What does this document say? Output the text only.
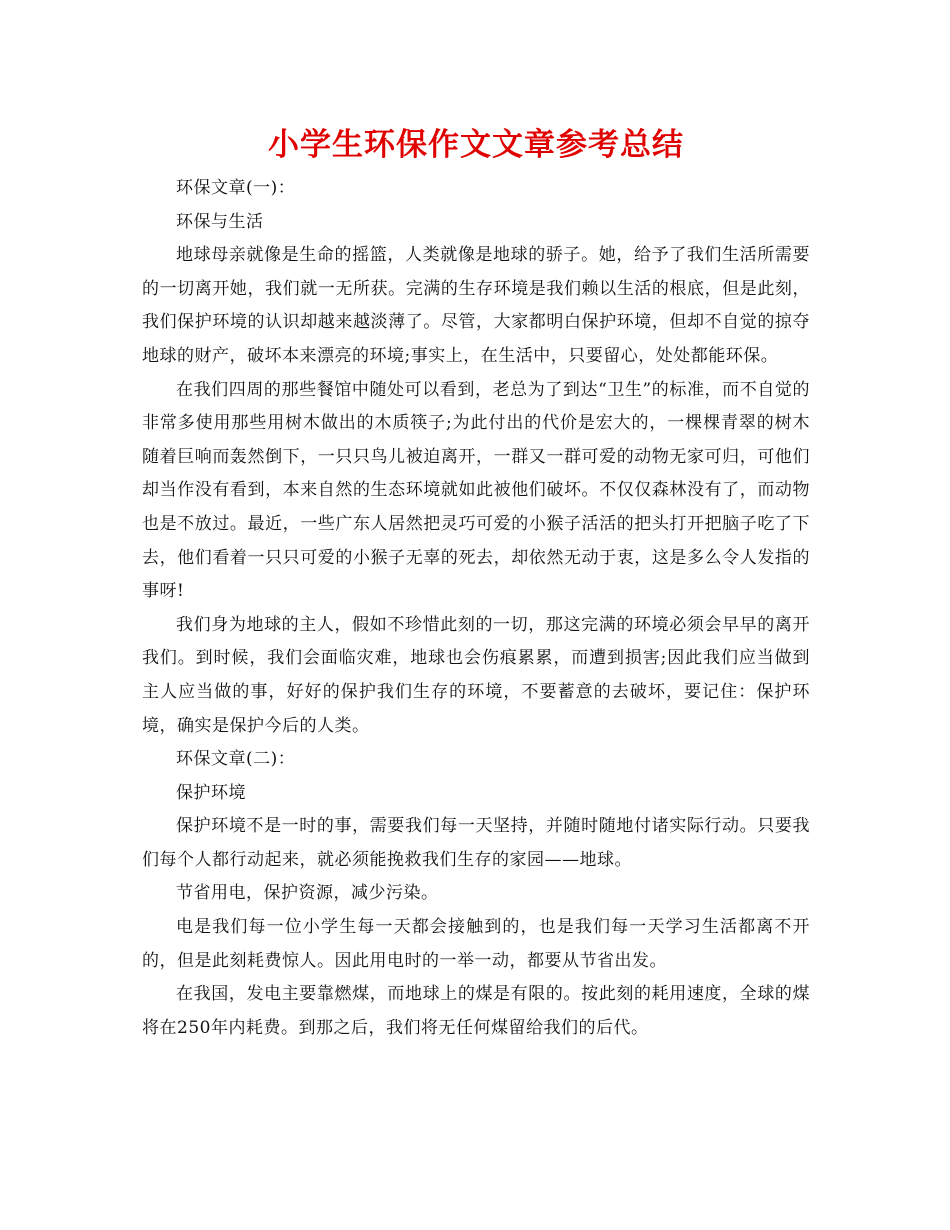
小学生环保作文文章参考总结

环保文章(一)：

环保与生活

地球母亲就像是生命的摇篮，人类就像是地球的骄子。她，给予了我们生活所需要的一切离开她，我们就一无所获。完满的生存环境是我们赖以生活的根底，但是此刻，我们保护环境的认识却越来越淡薄了。尽管，大家都明白保护环境，但却不自觉的掠夺地球的财产，破坏本来漂亮的环境;事实上，在生活中，只要留心，处处都能环保。

在我们四周的那些餐馆中随处可以看到，老总为了到达“卫生”的标准，而不自觉的非常多使用那些用树木做出的木质筷子;为此付出的代价是宏大的，一棵棵青翠的树木随着巨响而轰然倒下，一只只鸟儿被迫离开，一群又一群可爱的动物无家可归，可他们却当作没有看到，本来自然的生态环境就如此被他们破坏。不仅仅森林没有了，而动物也是不放过。最近，一些广东人居然把灵巧可爱的小猴子活活的把头打开把脑子吃了下去，他们看着一只只可爱的小猴子无辜的死去，却依然无动于衷，这是多么令人发指的事呀!

我们身为地球的主人，假如不珍惜此刻的一切，那这完满的环境必须会早早的离开我们。到时候，我们会面临灾难，地球也会伤痕累累，而遭到损害;因此我们应当做到主人应当做的事，好好的保护我们生存的环境，不要蓄意的去破坏，要记住：保护环境，确实是保护今后的人类。

环保文章(二)：

保护环境

保护环境不是一时的事，需要我们每一天坚持，并随时随地付诸实际行动。只要我们每个人都行动起来，就必须能挽救我们生存的家园——地球。

节省用电，保护资源，减少污染。

电是我们每一位小学生每一天都会接触到的，也是我们每一天学习生活都离不开的，但是此刻耗费惊人。因此用电时的一举一动，都要从节省出发。

在我国，发电主要靠燃煤，而地球上的煤是有限的。按此刻的耗用速度，全球的煤将在250年内耗费。到那之后，我们将无任何煤留给我们的后代。
